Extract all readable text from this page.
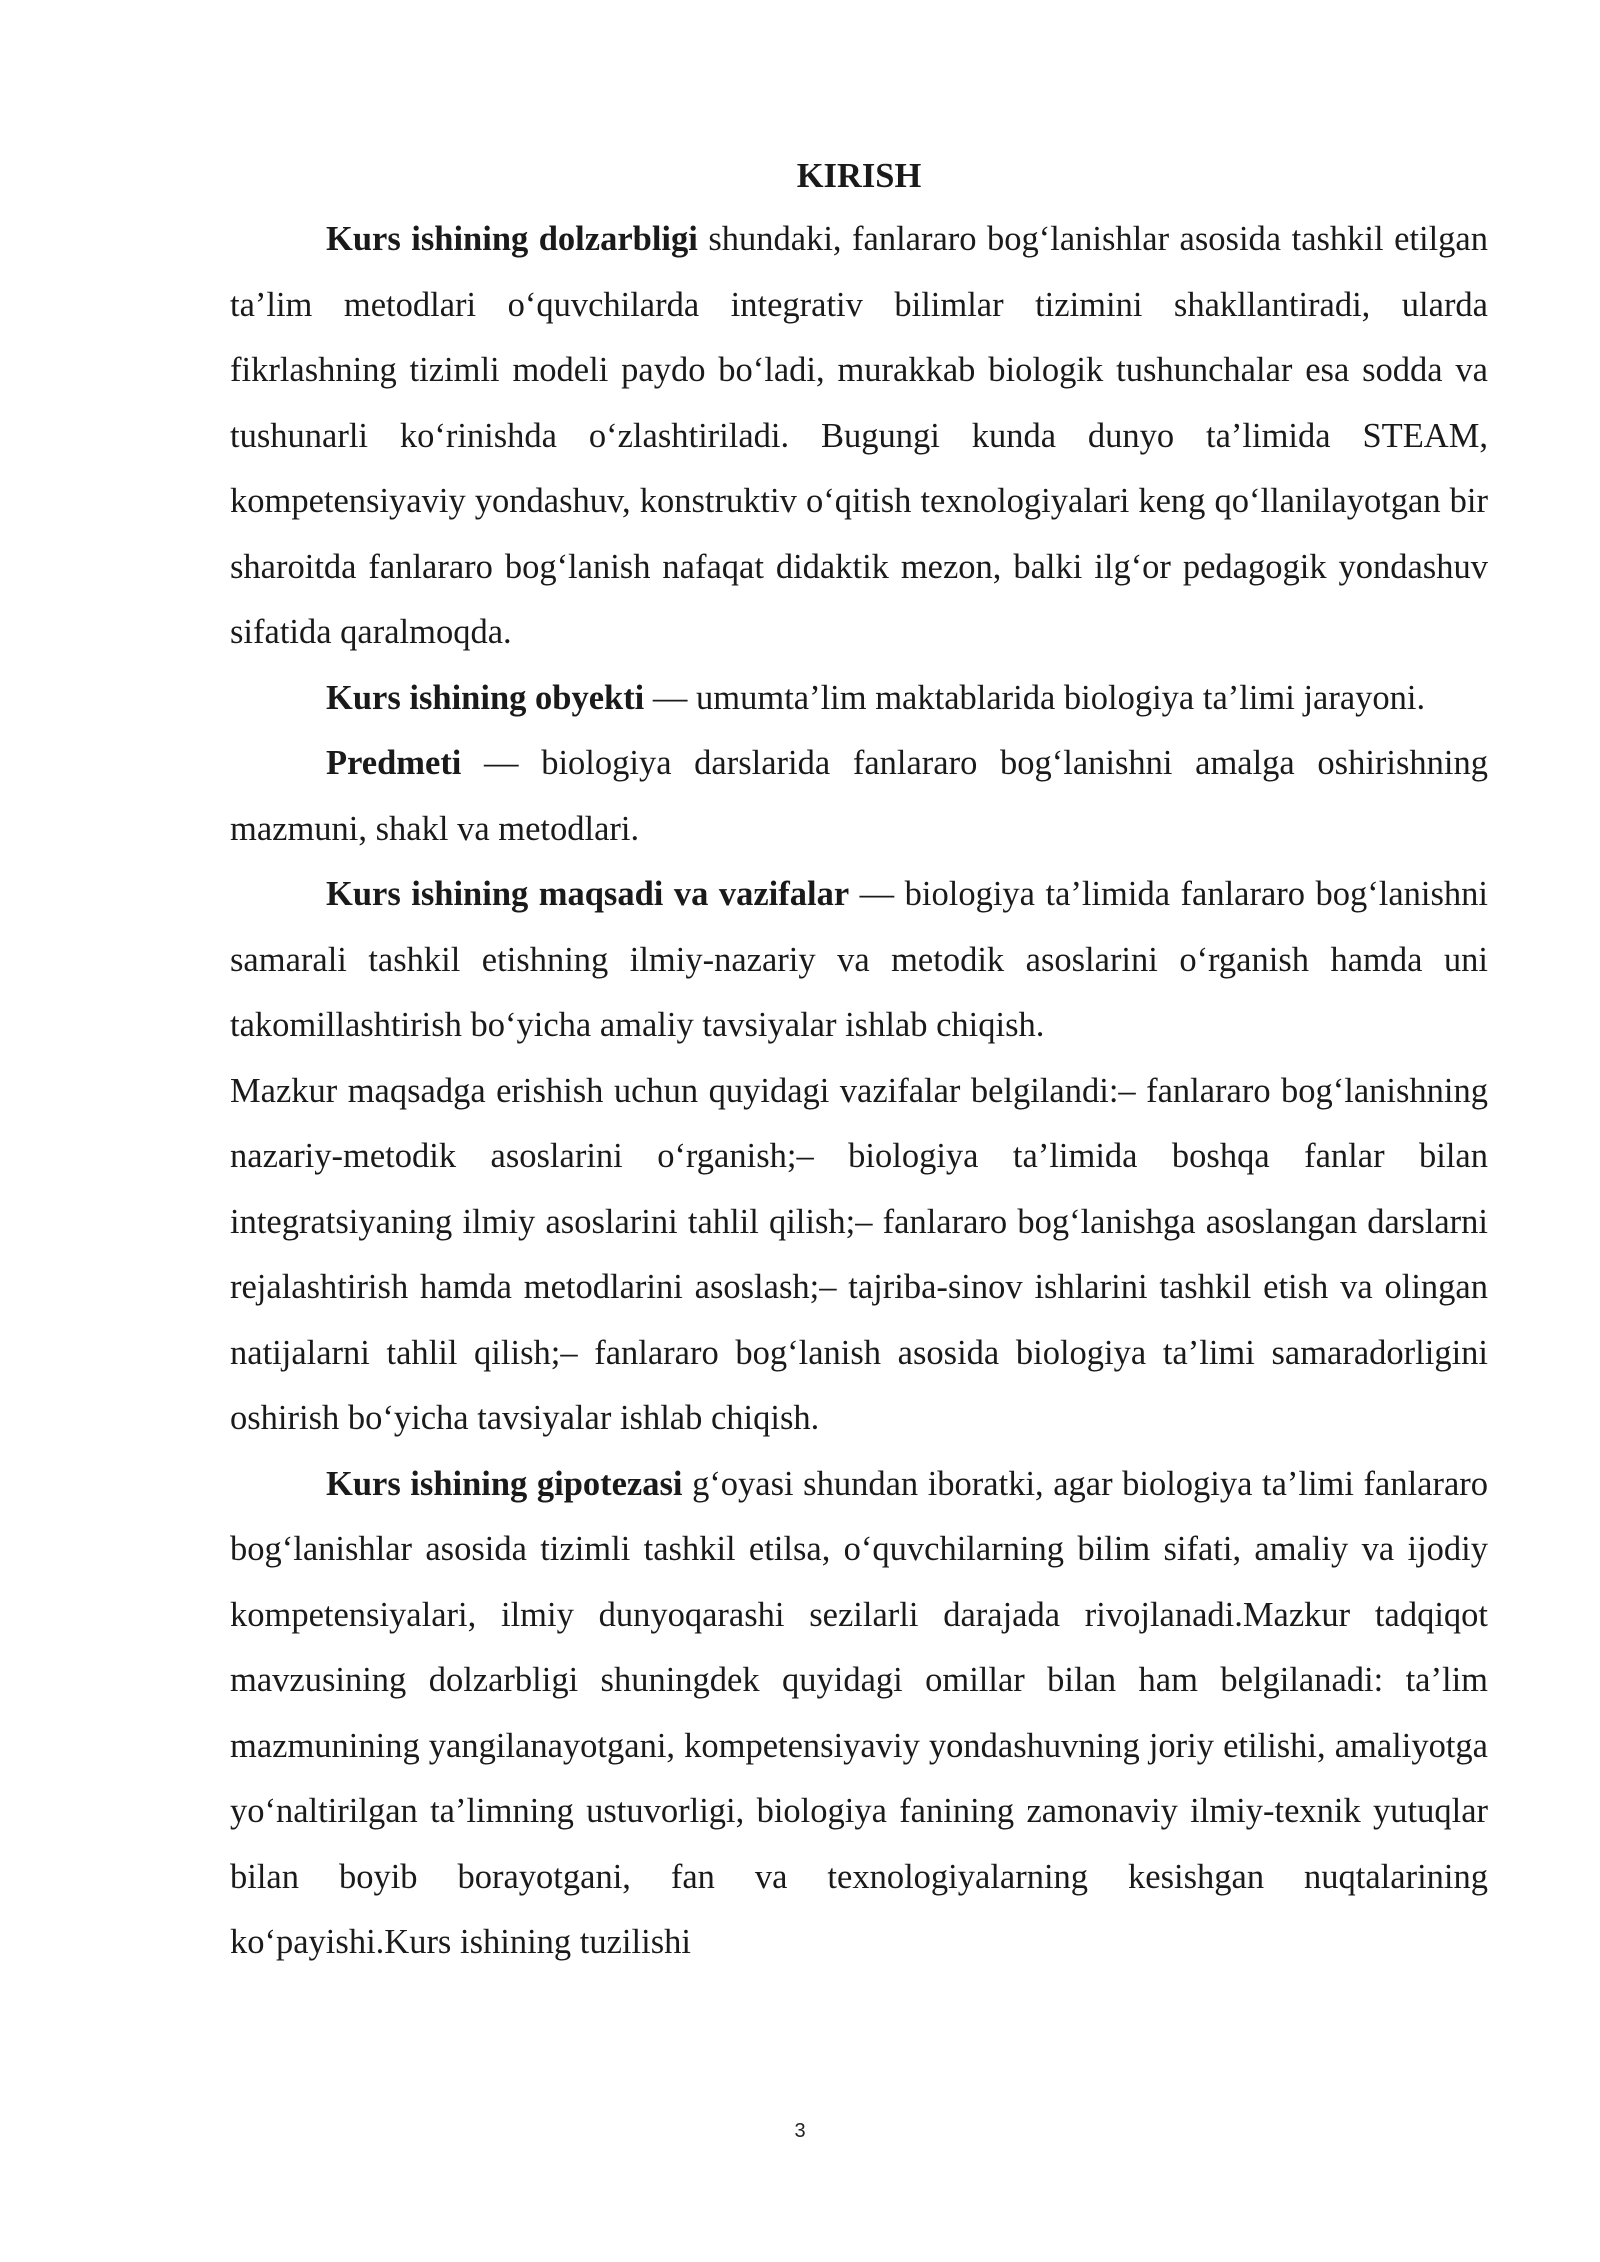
KIRISH

Kurs ishining dolzarbligi shundaki, fanlararo bog‘lanishlar asosida tashkil etilgan ta’lim metodlari o‘quvchilarda integrativ bilimlar tizimini shakllantiradi, ularda fikrlashning tizimli modeli paydo bo‘ladi, murakkab biologik tushunchalar esa sodda va tushunarli ko‘rinishda o‘zlashtiriladi. Bugungi kunda dunyo ta’limida STEAM, kompetensiyaviy yondashuv, konstruktiv o‘qitish texnologiyalari keng qo‘llanilayotgan bir sharoitda fanlararo bog‘lanish nafaqat didaktik mezon, balki ilg‘or pedagogik yondashuv sifatida qaralmoqda.

Kurs ishining obyekti — umumta’lim maktablarida biologiya ta’limi jarayoni.

Predmeti — biologiya darslarida fanlararo bog‘lanishni amalga oshirishning mazmuni, shakl va metodlari.

Kurs ishining maqsadi va vazifalar — biologiya ta’limida fanlararo bog‘lanishni samarali tashkil etishning ilmiy-nazariy va metodik asoslarini o‘rganish hamda uni takomillashtirish bo‘yicha amaliy tavsiyalar ishlab chiqish.

Mazkur maqsadga erishish uchun quyidagi vazifalar belgilandi:– fanlararo bog‘lanishning nazariy-metodik asoslarini o‘rganish;– biologiya ta’limida boshqa fanlar bilan integratsiyaning ilmiy asoslarini tahlil qilish;– fanlararo bog‘lanishga asoslangan darslarni rejalashtirish hamda metodlarini asoslash;– tajriba-sinov ishlarini tashkil etish va olingan natijalarni tahlil qilish;– fanlararo bog‘lanish asosida biologiya ta’limi samaradorligini oshirish bo‘yicha tavsiyalar ishlab chiqish.

Kurs ishining gipotezasi g‘oyasi shundan iboratki, agar biologiya ta’limi fanlararo bog‘lanishlar asosida tizimli tashkil etilsa, o‘quvchilarning bilim sifati, amaliy va ijodiy kompetensiyalari, ilmiy dunyoqarashi sezilarli darajada rivojlanadi.Mazkur tadqiqot mavzusining dolzarbligi shuningdek quyidagi omillar bilan ham belgilanadi: ta’lim mazmunining yangilanayotgani, kompetensiyaviy yondashuvning joriy etilishi, amaliyotga yo‘naltirilgan ta’limning ustuvorligi, biologiya fanining zamonaviy ilmiy-texnik yutuqlar bilan boyib borayotgani, fan va texnologiyalarning kesishgan nuqtalarining ko‘payishi.Kurs ishining tuzilishi

3
